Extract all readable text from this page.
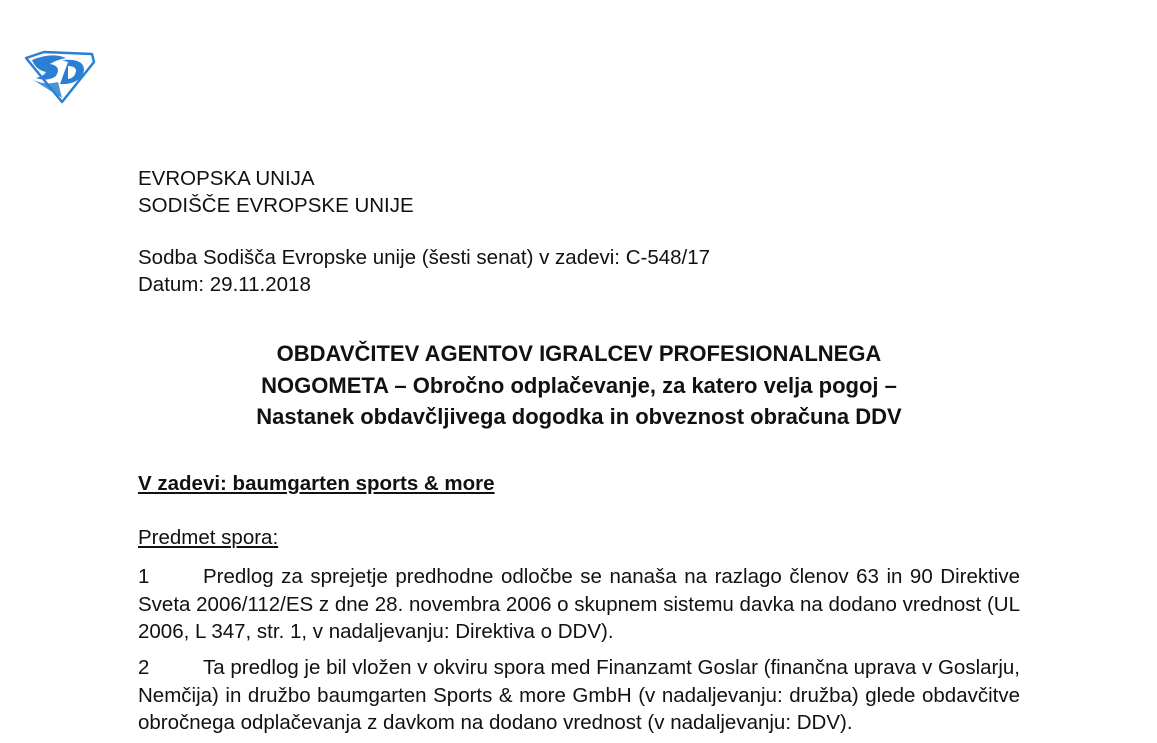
EVROPSKA UNIJA
SODIŠČE EVROPSKE UNIJE
Sodba Sodišča Evropske unije (šesti senat) v zadevi: C-548/17
Datum: 29.11.2018
OBDAVČITEV AGENTOV IGRALCEV PROFESIONALNEGA
NOGOMETA – Obročno odplačevanje, za katero velja pogoj –
Nastanek obdavčljivega dogodka in obveznost obračuna DDV
V zadevi: baumgarten sports & more
Predmet spora:
1	Predlog za sprejetje predhodne odločbe se nanaša na razlago členov 63 in 90 Direktive Sveta 2006/112/ES z dne 28. novembra 2006 o skupnem sistemu davka na dodano vrednost (UL 2006, L 347, str. 1, v nadaljevanju: Direktiva o DDV).
2	Ta predlog je bil vložen v okviru spora med Finanzamt Goslar (finančna uprava v Goslarju, Nemčija) in družbo baumgarten Sports & more GmbH (v nadaljevanju: družba) glede obdavčitve obročnega odplačevanja z davkom na dodano vrednost (v nadaljevanju: DDV).
